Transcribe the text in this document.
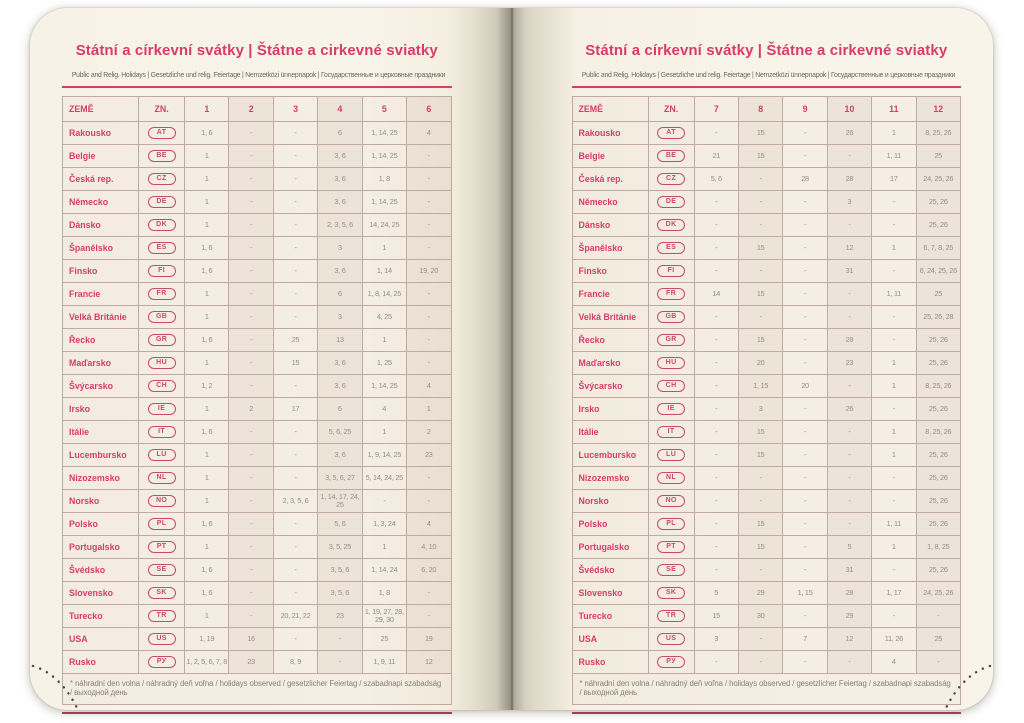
Státní a církevní svátky | Štátne a cirkevné sviatky
Public and Relig. Holidays | Gesetzliche und relig. Feiertage | Nemzetközi ünnepnapok | Государственные и церковные праздники
ZEMĚ	ZN.	1	2	3	4	5	6
Rakousko	AT	1, 6	-	-	6	1, 14, 25	4
Belgie	BE	1	-	-	3, 6	1, 14, 25	-
Česká rep.	CZ	1	-	-	3, 6	1, 8	-
Německo	DE	1	-	-	3, 6	1, 14, 25	-
Dánsko	DK	1	-	-	2, 3, 5, 6	14, 24, 25	-
Španělsko	ES	1, 6	-	-	3	1	-
Finsko	FI	1, 6	-	-	3, 6	1, 14	19, 20
Francie	FR	1	-	-	6	1, 8, 14, 25	-
Velká Británie	GB	1	-	-	3	4, 25	-
Řecko	GR	1, 6	-	25	13	1	-
Maďarsko	HU	1	-	15	3, 6	1, 25	-
Švýcarsko	CH	1, 2	-	-	3, 6	1, 14, 25	4
Irsko	IE	1	2	17	6	4	1
Itálie	IT	1, 6	-	-	5, 6, 25	1	2
Lucembursko	LU	1	-	-	3, 6	1, 9, 14, 25	23
Nizozemsko	NL	1	-	-	3, 5, 6, 27	5, 14, 24, 25	-
Norsko	NO	1	-	2, 3, 5, 6	1, 14, 17, 24, 25	-	-
Polsko	PL	1, 6	-	-	5, 6	1, 3, 24	4
Portugalsko	PT	1	-	-	3, 5, 25	1	4, 10
Švédsko	SE	1, 6	-	-	3, 5, 6	1, 14, 24	6, 20
Slovensko	SK	1, 6	-	-	3, 5, 6	1, 8	-
Turecko	TR	1	-	20, 21, 22	23	1, 19, 27, 28, 29, 30	-
USA	US	1, 19	16	-	-	25	19
Rusko	РУ	1, 2, 5, 6, 7, 8	23	8, 9	-	1, 9, 11	12
* náhradní den volna / náhradný deň voľna / holidays observed / gesetzlicher Feiertag / szabadnapi szabadság / выходной день							
Státní a církevní svátky | Štátne a cirkevné sviatky
Public and Relig. Holidays | Gesetzliche und relig. Feiertage | Nemzetközi ünnepnapok | Государственные и церковные праздники
ZEMĚ	ZN.	7	8	9	10	11	12
Rakousko	AT	-	15	-	26	1	8, 25, 26
Belgie	BE	21	15	-	-	1, 11	25
Česká rep.	CZ	5, 6	-	28	28	17	24, 25, 26
Německo	DE	-	-	-	3	-	25, 26
Dánsko	DK	-	-	-	-	-	25, 26
Španělsko	ES	-	15	-	12	1	6, 7, 8, 25
Finsko	FI	-	-	-	31	-	6, 24, 25, 26
Francie	FR	14	15	-	-	1, 11	25
Velká Británie	GB	-	-	-	-	-	25, 26, 28
Řecko	GR	-	15	-	28	-	25, 26
Maďarsko	HU	-	20	-	23	1	25, 26
Švýcarsko	CH	-	1, 15	20	-	1	8, 25, 26
Irsko	IE	-	3	-	26	-	25, 26
Itálie	IT	-	15	-	-	1	8, 25, 26
Lucembursko	LU	-	15	-	-	1	25, 26
Nizozemsko	NL	-	-	-	-	-	25, 26
Norsko	NO	-	-	-	-	-	25, 26
Polsko	PL	-	15	-	-	1, 11	25, 26
Portugalsko	PT	-	15	-	5	1	1, 8, 25
Švédsko	SE	-	-	-	31	-	25, 26
Slovensko	SK	5	29	1, 15	28	1, 17	24, 25, 26
Turecko	TR	15	30	-	29	-	-
USA	US	3	-	7	12	11, 26	25
Rusko	РУ	-	-	-	-	4	-
* náhradní den volna / náhradný deň voľna / holidays observed / gesetzlicher Feiertag / szabadnapi szabadság / выходной день							
